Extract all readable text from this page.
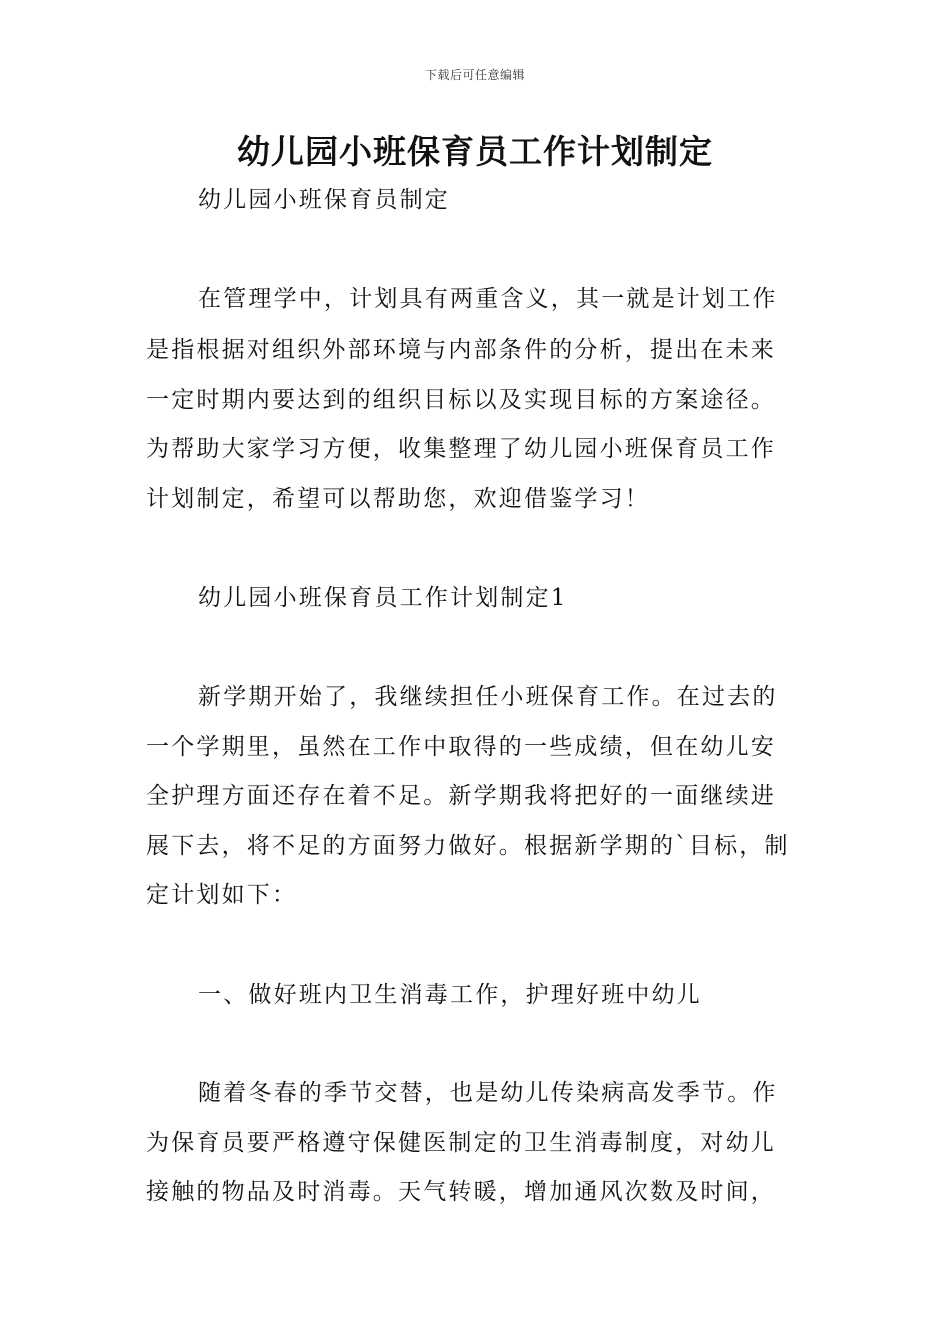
下载后可任意编辑
幼儿园小班保育员工作计划制定
幼儿园小班保育员制定
在管理学中，计划具有两重含义，其一就是计划工作
是指根据对组织外部环境与内部条件的分析，提出在未来
一定时期内要达到的组织目标以及实现目标的方案途径。
为帮助大家学习方便，收集整理了幼儿园小班保育员工作
计划制定，希望可以帮助您，欢迎借鉴学习！
幼儿园小班保育员工作计划制定1
新学期开始了，我继续担任小班保育工作。在过去的
一个学期里，虽然在工作中取得的一些成绩，但在幼儿安
全护理方面还存在着不足。新学期我将把好的一面继续进
展下去，将不足的方面努力做好。根据新学期的`目标，制
定计划如下：
一、做好班内卫生消毒工作，护理好班中幼儿
随着冬春的季节交替，也是幼儿传染病高发季节。作
为保育员要严格遵守保健医制定的卫生消毒制度，对幼儿
接触的物品及时消毒。天气转暖，增加通风次数及时间，
